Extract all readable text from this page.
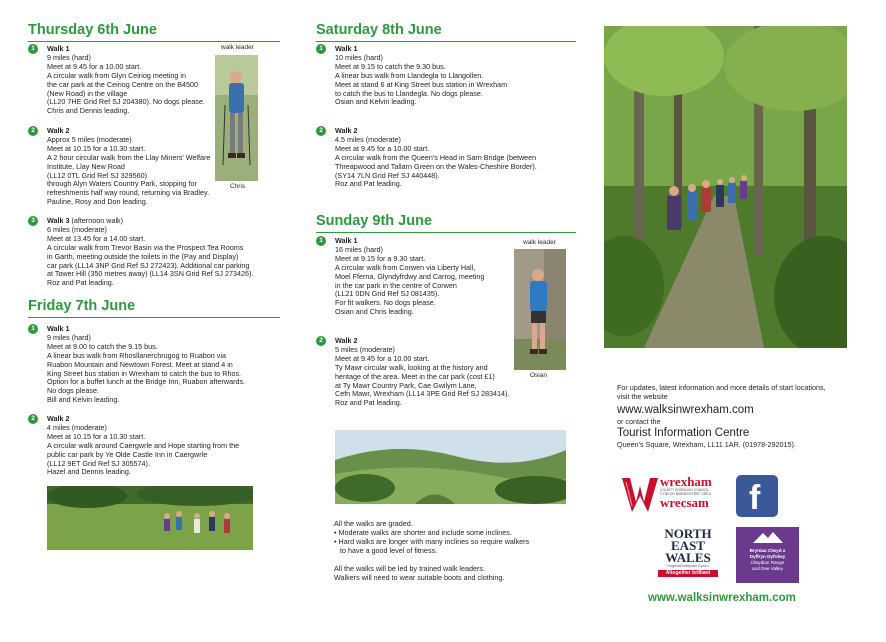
Thursday 6th June
walk leader
Chris
1	Walk 1
9 miles (hard)
Meet at 9.45 for a 10.00 start.
A circular walk from Glyn Ceiriog meeting in
the car park at the Ceiriog Centre on the B4500
(New Road) in the village
(LL20 7HE Grid Ref SJ 204380). No dogs please.
Chris and Dennis leading.
2	Walk 2
Approx 5 miles (moderate)
Meet at 10.15 for a 10.30 start.
A 2 hour circular walk from the Llay Miners' Welfare
Institute, Llay New Road
(LL12 0TL Grid Ref SJ 329560)
through Alyn Waters Country Park, stopping for
refreshments half way round, returning via Bradley.
Pauline, Rosy and Don leading.
3	Walk 3 (afternoon walk)
6 miles (moderate)
Meet at 13.45 for a 14.00 start.
A circular walk from Trevor Basin via the Prospect Tea Rooms
in Garth, meeting outside the toilets in the (Pay and Display)
car park (LL14 3NP Grid Ref SJ 272423). Additional car parking
at Tower Hill (350 metres away) (LL14 3SN Grid Ref SJ 273426).
Roz and Pat leading.
Friday 7th June
1	Walk 1
9 miles (hard)
Meet at 9.00 to catch the 9.15 bus.
A linear bus walk from Rhosllanerchrugog to Ruabon via
Ruabon Mountain and Newtown Forest. Meet at stand 4 in
King Street bus station in Wrexham to catch the bus to Rhos.
Option for a buffet lunch at the Bridge Inn, Ruabon afterwards.
No dogs please.
Bill and Kelvin leading.
2	Walk 2
4 miles (moderate)
Meet at 10.15 for a 10.30 start.
A circular walk around Caergwrle and Hope starting from the
public car park by Ye Olde Castle Inn in Caergwrle
(LL12 9ET Grid Ref SJ 305574).
Hazel and Dennis leading.
Saturday 8th June
1	Walk 1
10 miles (hard)
Meet at 9.15 to catch the 9.30 bus.
A linear bus walk from Llandegla to Llangollen.
Meet at stand 6 at King Street bus station in Wrexham
to catch the bus to Llandegla. No dogs please.
Osian and Kelvin leading.
2	Walk 2
4.5 miles (moderate)
Meet at 9.45 for a 10.00 start.
A circular walk from the Queen's Head in Sarn Bridge (between
Threapwood and Tallarn Green on the Wales-Cheshire Border).
(SY14 7LN Grid Ref SJ 440448).
Roz and Pat leading.
Sunday 9th June
walk leader
Osian
1	Walk 1
16 miles (hard)
Meet at 9.15 for a 9.30 start.
A circular walk from Corwen via Liberty Hall,
Moel Fferna, Glyndyfrdwy and Carrog, meeting
in the car park in the centre of Corwen
(LL21 0DN Grid Ref SJ 081435).
For fit walkers. No dogs please.
Osian and Chris leading.
2	Walk 2
5 miles (moderate)
Meet at 9.45 for a 10.00 start.
Ty Mawr circular walk, looking at the history and
heritage of the area. Meet in the car park (cost £1)
at Ty Mawr Country Park, Cae Gwilym Lane,
Cefn Mawr, Wrexham (LL14 3PE Grid Ref SJ 283414).
Roz and Pat leading.
All the walks are graded.
• Moderate walks are shorter and include some inclines.
• Hard walks are longer with many inclines so require walkers
to have a good level of fitness.
All the walks will be led by trained walk leaders.
Walkers will need to wear suitable boots and clothing.
For updates, latest information and more details of start locations,
visit the website
www.walksinwrexham.com
or contact the
Tourist Information Centre
Queen's Square, Wrexham, LL11 1AR. (01978-292015).
wrexham
COUNTY BOROUGH COUNCIL
CYNGOR BWRDEISTREF SIROL
wrecsam f
NORTH
EAST
WALES
Gogledd Ddwyrain Cymru
Altogether brilliant
Bryniau Clwyd a
Dyffryn Dyfrdwy
Clwydian Range
and Dee Valley
www.walksinwrexham.com
